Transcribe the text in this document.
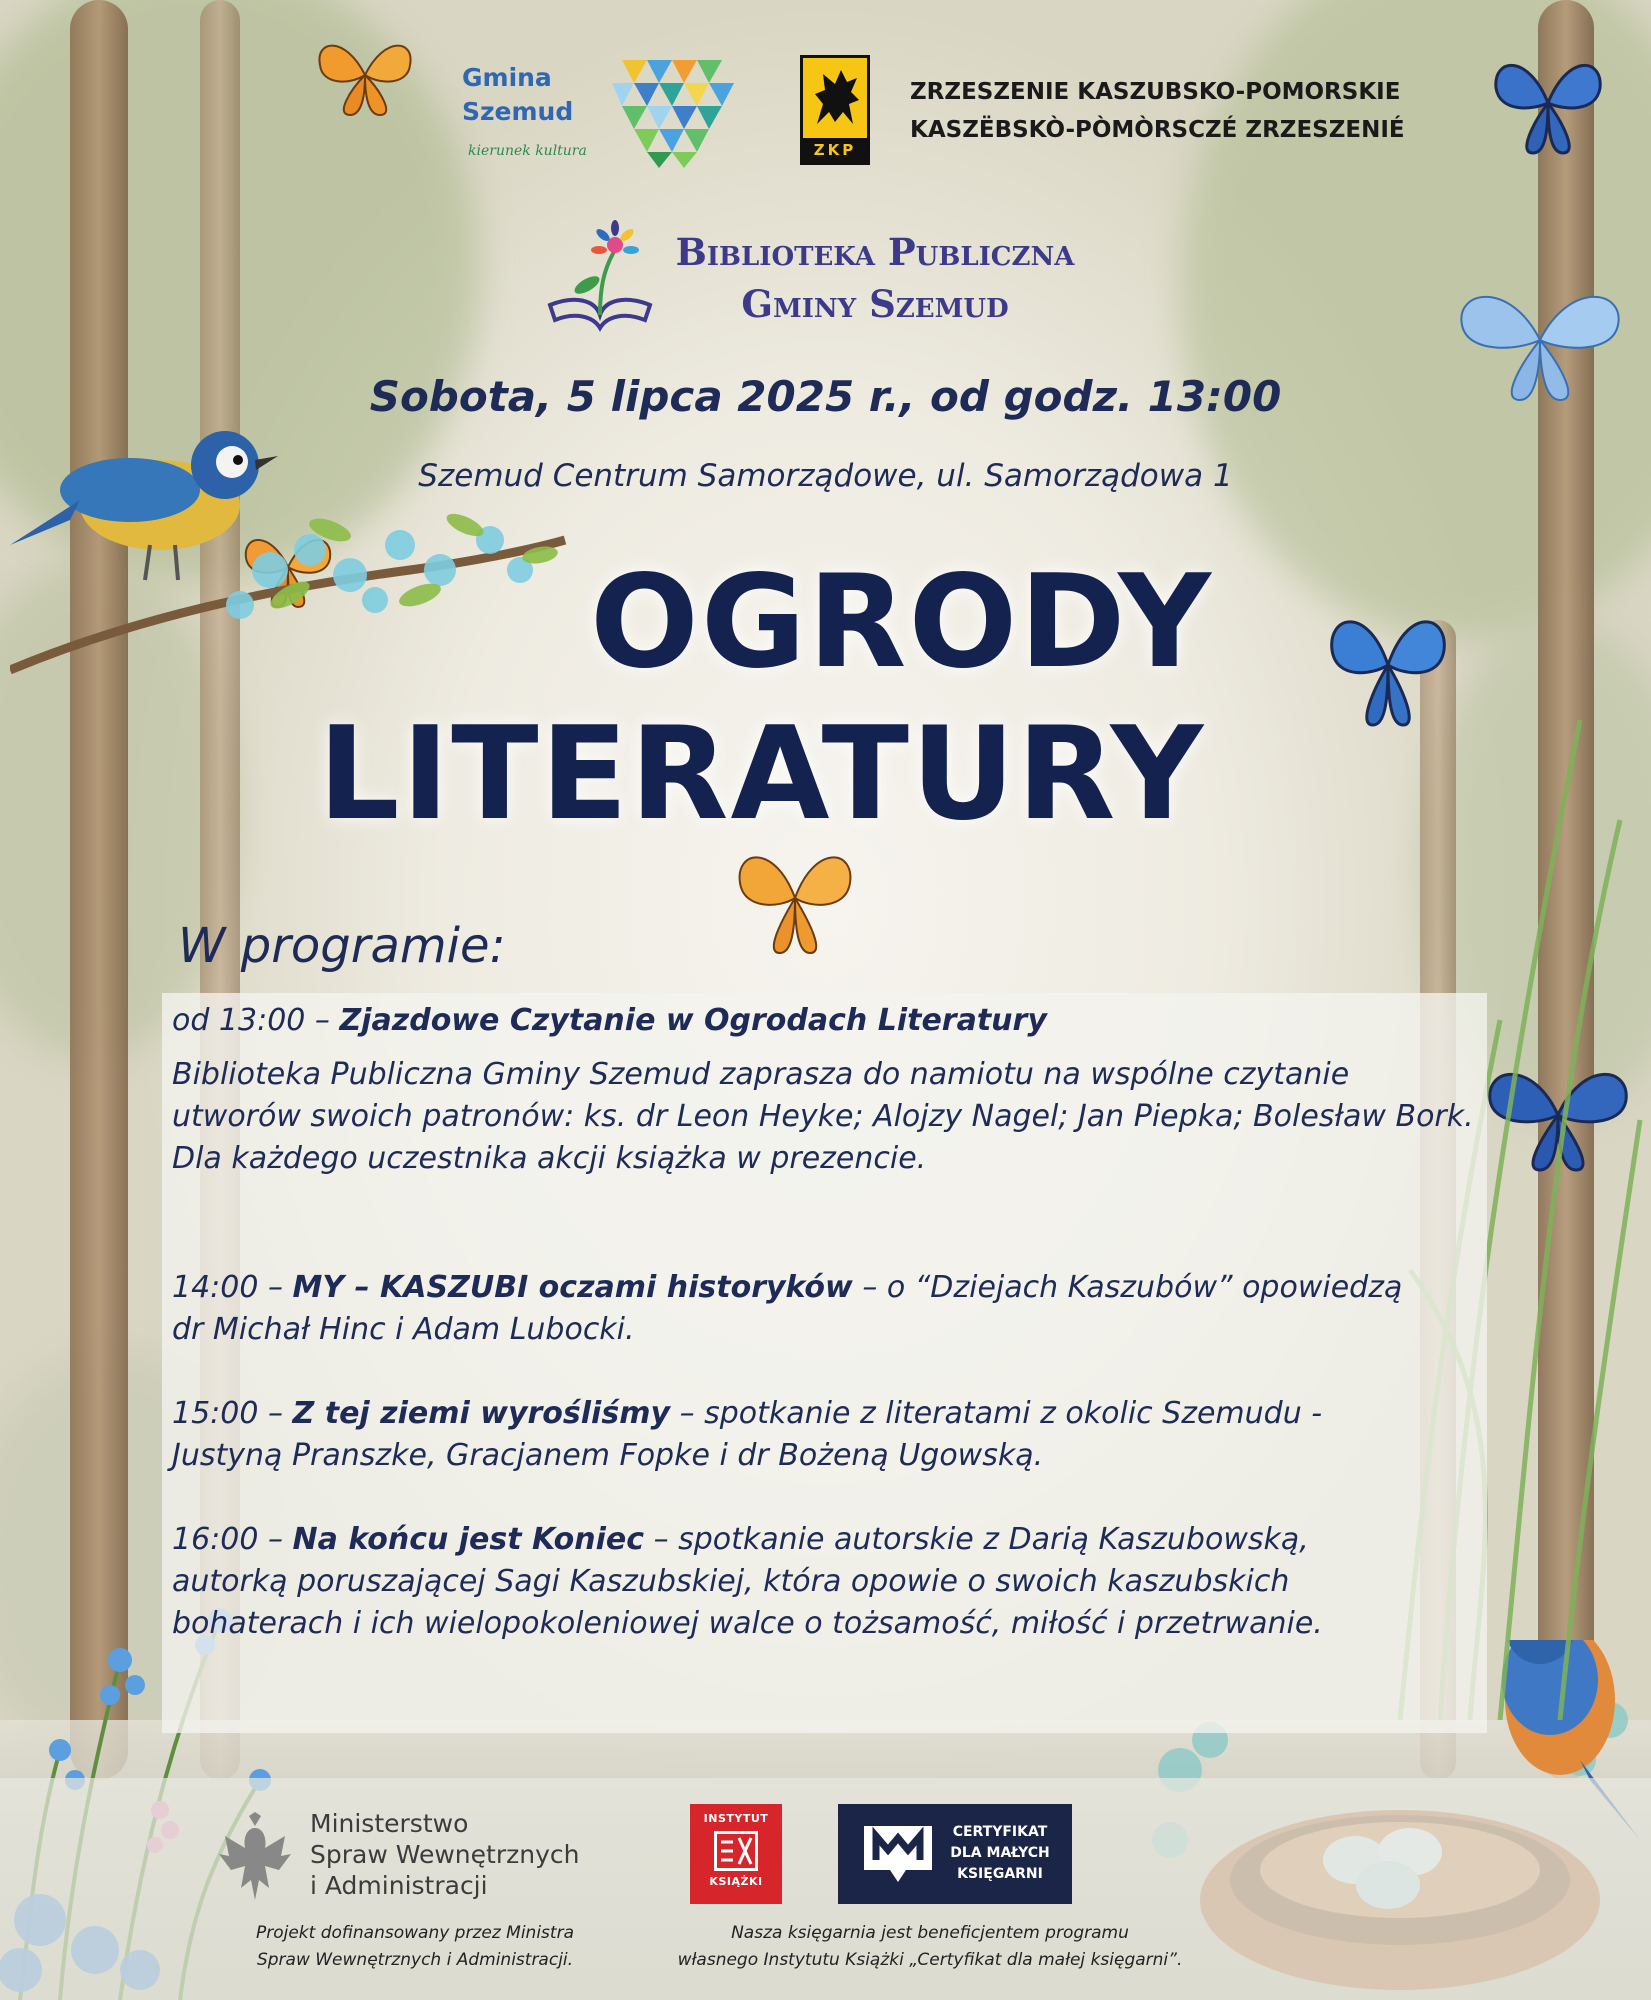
Gmina
Szemud
kierunek kultura	ZKP
ZRZESZENIE KASZUBSKO-POMORSKIE
KASZËBSKÒ-PÒMÒRSCZÉ ZRZESZENIÉ
Biblioteka Publiczna
Gminy Szemud
Sobota, 5 lipca 2025 r., od godz. 13:00
Szemud Centrum Samorządowe, ul. Samorządowa 1
OGRODY
LITERATURY
W programie:
od 13:00 – Zjazdowe Czytanie w Ogrodach Literatury
Biblioteka Publiczna Gminy Szemud zaprasza do namiotu na wspólne czytanie utworów swoich patronów: ks. dr Leon Heyke; Alojzy Nagel; Jan Piepka; Bolesław Bork. Dla każdego uczestnika akcji książka w prezencie.
14:00 – MY – KASZUBI oczami historyków – o “Dziejach Kaszubów” opowiedzą dr Michał Hinc i Adam Lubocki.
15:00 – Z tej ziemi wyrośliśmy – spotkanie z literatami z okolic Szemudu - Justyną Pranszke, Gracjanem Fopke i dr Bożeną Ugowską.
16:00 – Na końcu jest Koniec – spotkanie autorskie z Darią Kaszubowską, autorką poruszającej Sagi Kaszubskiej, która opowie o swoich kaszubskich bohaterach i ich wielopokoleniowej walce o tożsamość, miłość i przetrwanie.
Ministerstwo
Spraw Wewnętrznych
i Administracji
Projekt dofinansowany przez Ministra
Spraw Wewnętrznych i Administracji.
INSTYTUT
KSIĄŻKI
CERTYFIKAT
DLA MAŁYCH
KSIĘGARNI
Nasza księgarnia jest beneficjentem programu
własnego Instytutu Książki „Certyfikat dla małej księgarni”.
